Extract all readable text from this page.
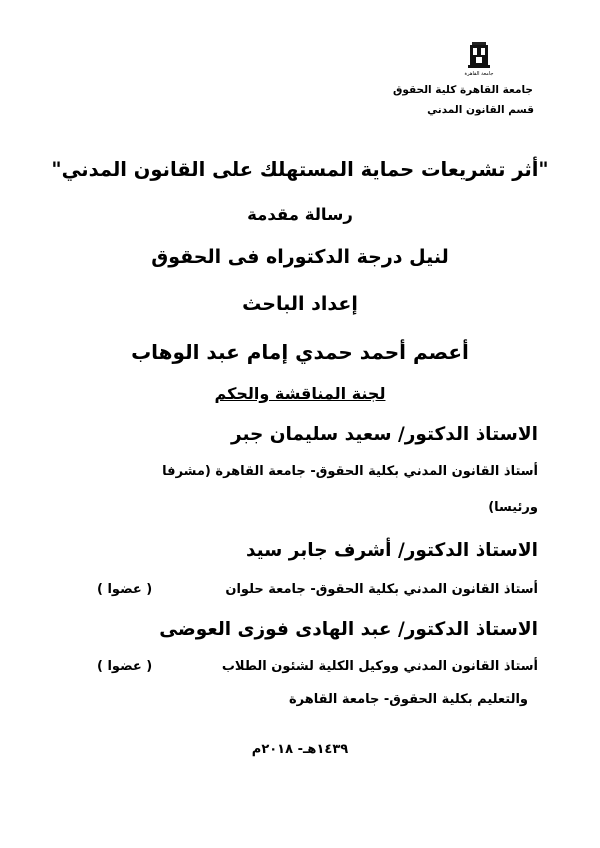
جامعة القاهرة
جامعة القاهرة كلية الحقوق
قسم القانون المدني
"أثر تشريعات حماية المستهلك على القانون المدني"
رسالة مقدمة
لنيل درجة الدكتوراه فى الحقوق
إعداد الباحث
أعصم أحمد حمدي إمام عبد الوهاب
لجنة المناقشة والحكم
الاستاذ الدكتور/ سعيد سليمان جبر
أستاذ القانون المدني بكلية الحقوق- جامعة القاهرة (مشرفا
ورئيسا)
الاستاذ الدكتور/ أشرف جابر سيد
أستاذ القانون المدني بكلية الحقوق- جامعة حلوان
( عضوا )
الاستاذ الدكتور/ عبد الهادى فوزى العوضى
أستاذ القانون المدني ووكيل الكلية لشئون الطلاب
( عضوا )
والتعليم بكلية الحقوق- جامعة القاهرة
١٤٣٩هـ- ٢٠١٨م
